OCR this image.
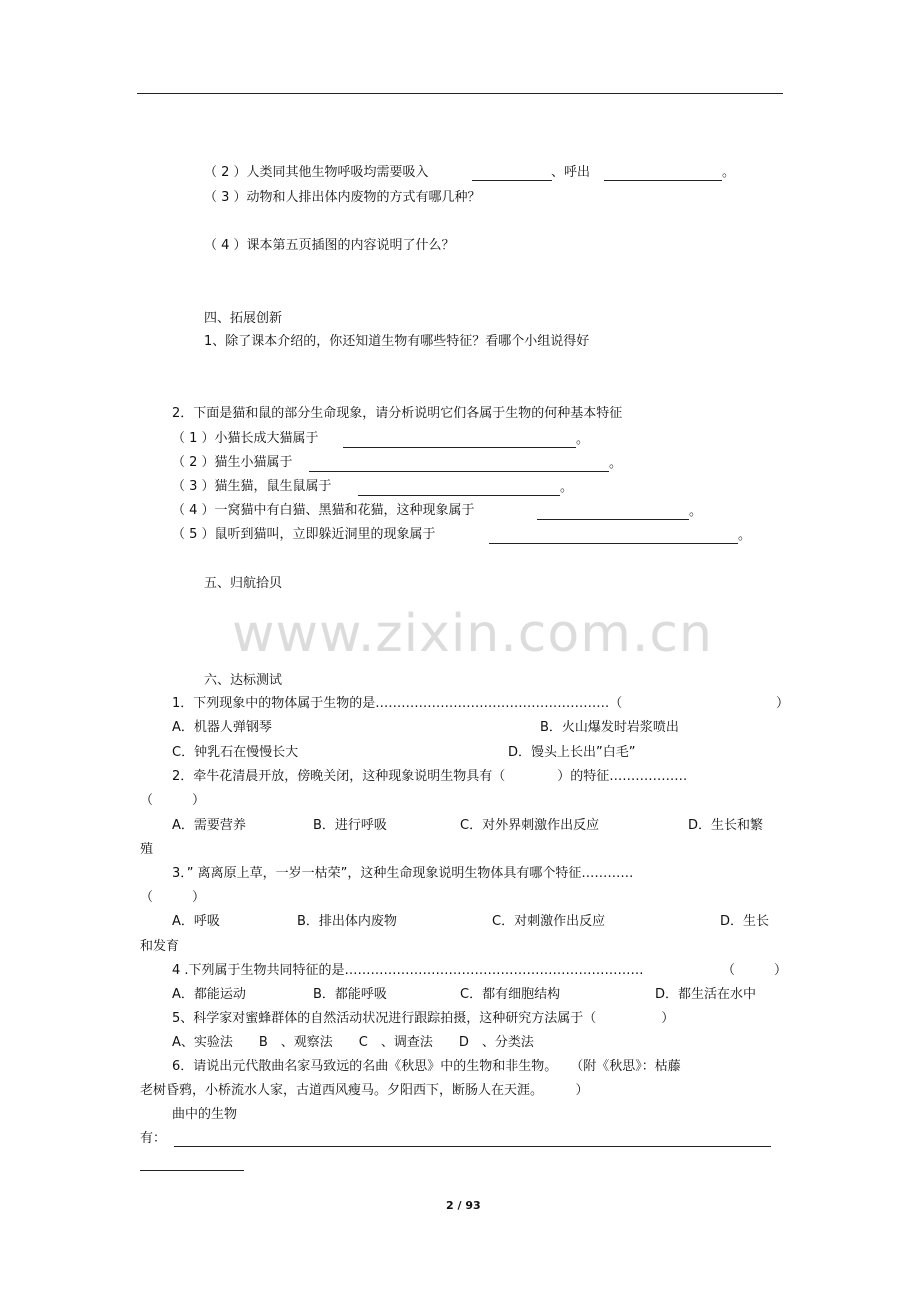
（ 2 ）人类同其他生物呼吸均需要吸入	、呼出	。
（ 3 ）动物和人排出体内废物的方式有哪几种？
（ 4 ）课本第五页插图的内容说明了什么？
四、拓展创新
1、除了课本介绍的，你还知道生物有哪些特征？看哪个小组说得好
2．下面是猫和鼠的部分生命现象，请分析说明它们各属于生物的何种基本特征
（ 1 ）小猫长成大猫属于	。
（ 2 ）猫生小猫属于	。
（ 3 ）猫生猫，鼠生鼠属于	。
（ 4 ）一窝猫中有白猫、黑猫和花猫，这种现象属于	。
（ 5 ）鼠听到猫叫，立即躲近洞里的现象属于	。
五、归航拾贝
www.zixin.com.cn
六、达标测试
1．下列现象中的物体属于生物的是………………………………………………（	）
A．机器人弹钢琴	B．火山爆发时岩浆喷出
C．钟乳石在慢慢长大	D．馒头上长出”白毛”
2．牵牛花清晨开放，傍晚关闭，这种现象说明生物具有（　　　　）的特征………………
（　　　）
A．需要营养	B．进行呼吸	C．对外界刺激作出反应	D．生长和繁
殖
3．” 离离原上草，一岁一枯荣”，这种生命现象说明生物体具有哪个特征…………
（　　　）
A．呼吸	B．排出体内废物	C．对刺激作出反应	D．生长
和发育
4 .下列属于生物共同特征的是……………………………………………………………	（　　　）
A．都能运动	B．都能呼吸	C．都有细胞结构	D．都生活在水中
5、科学家对蜜蜂群体的自然活动状况进行跟踪拍摄，这种研究方法属于（　　　　　）
A、实验法　　B　、观察法　　C　、调查法　　D　、分类法
6．请说出元代散曲名家马致远的名曲《秋思》中的生物和非生物。　　（附《秋思》：枯藤
老树昏鸦，小桥流水人家，古道西风瘦马。夕阳西下，断肠人在天涯。　　　）
曲中的生物
有：
2 / 93
